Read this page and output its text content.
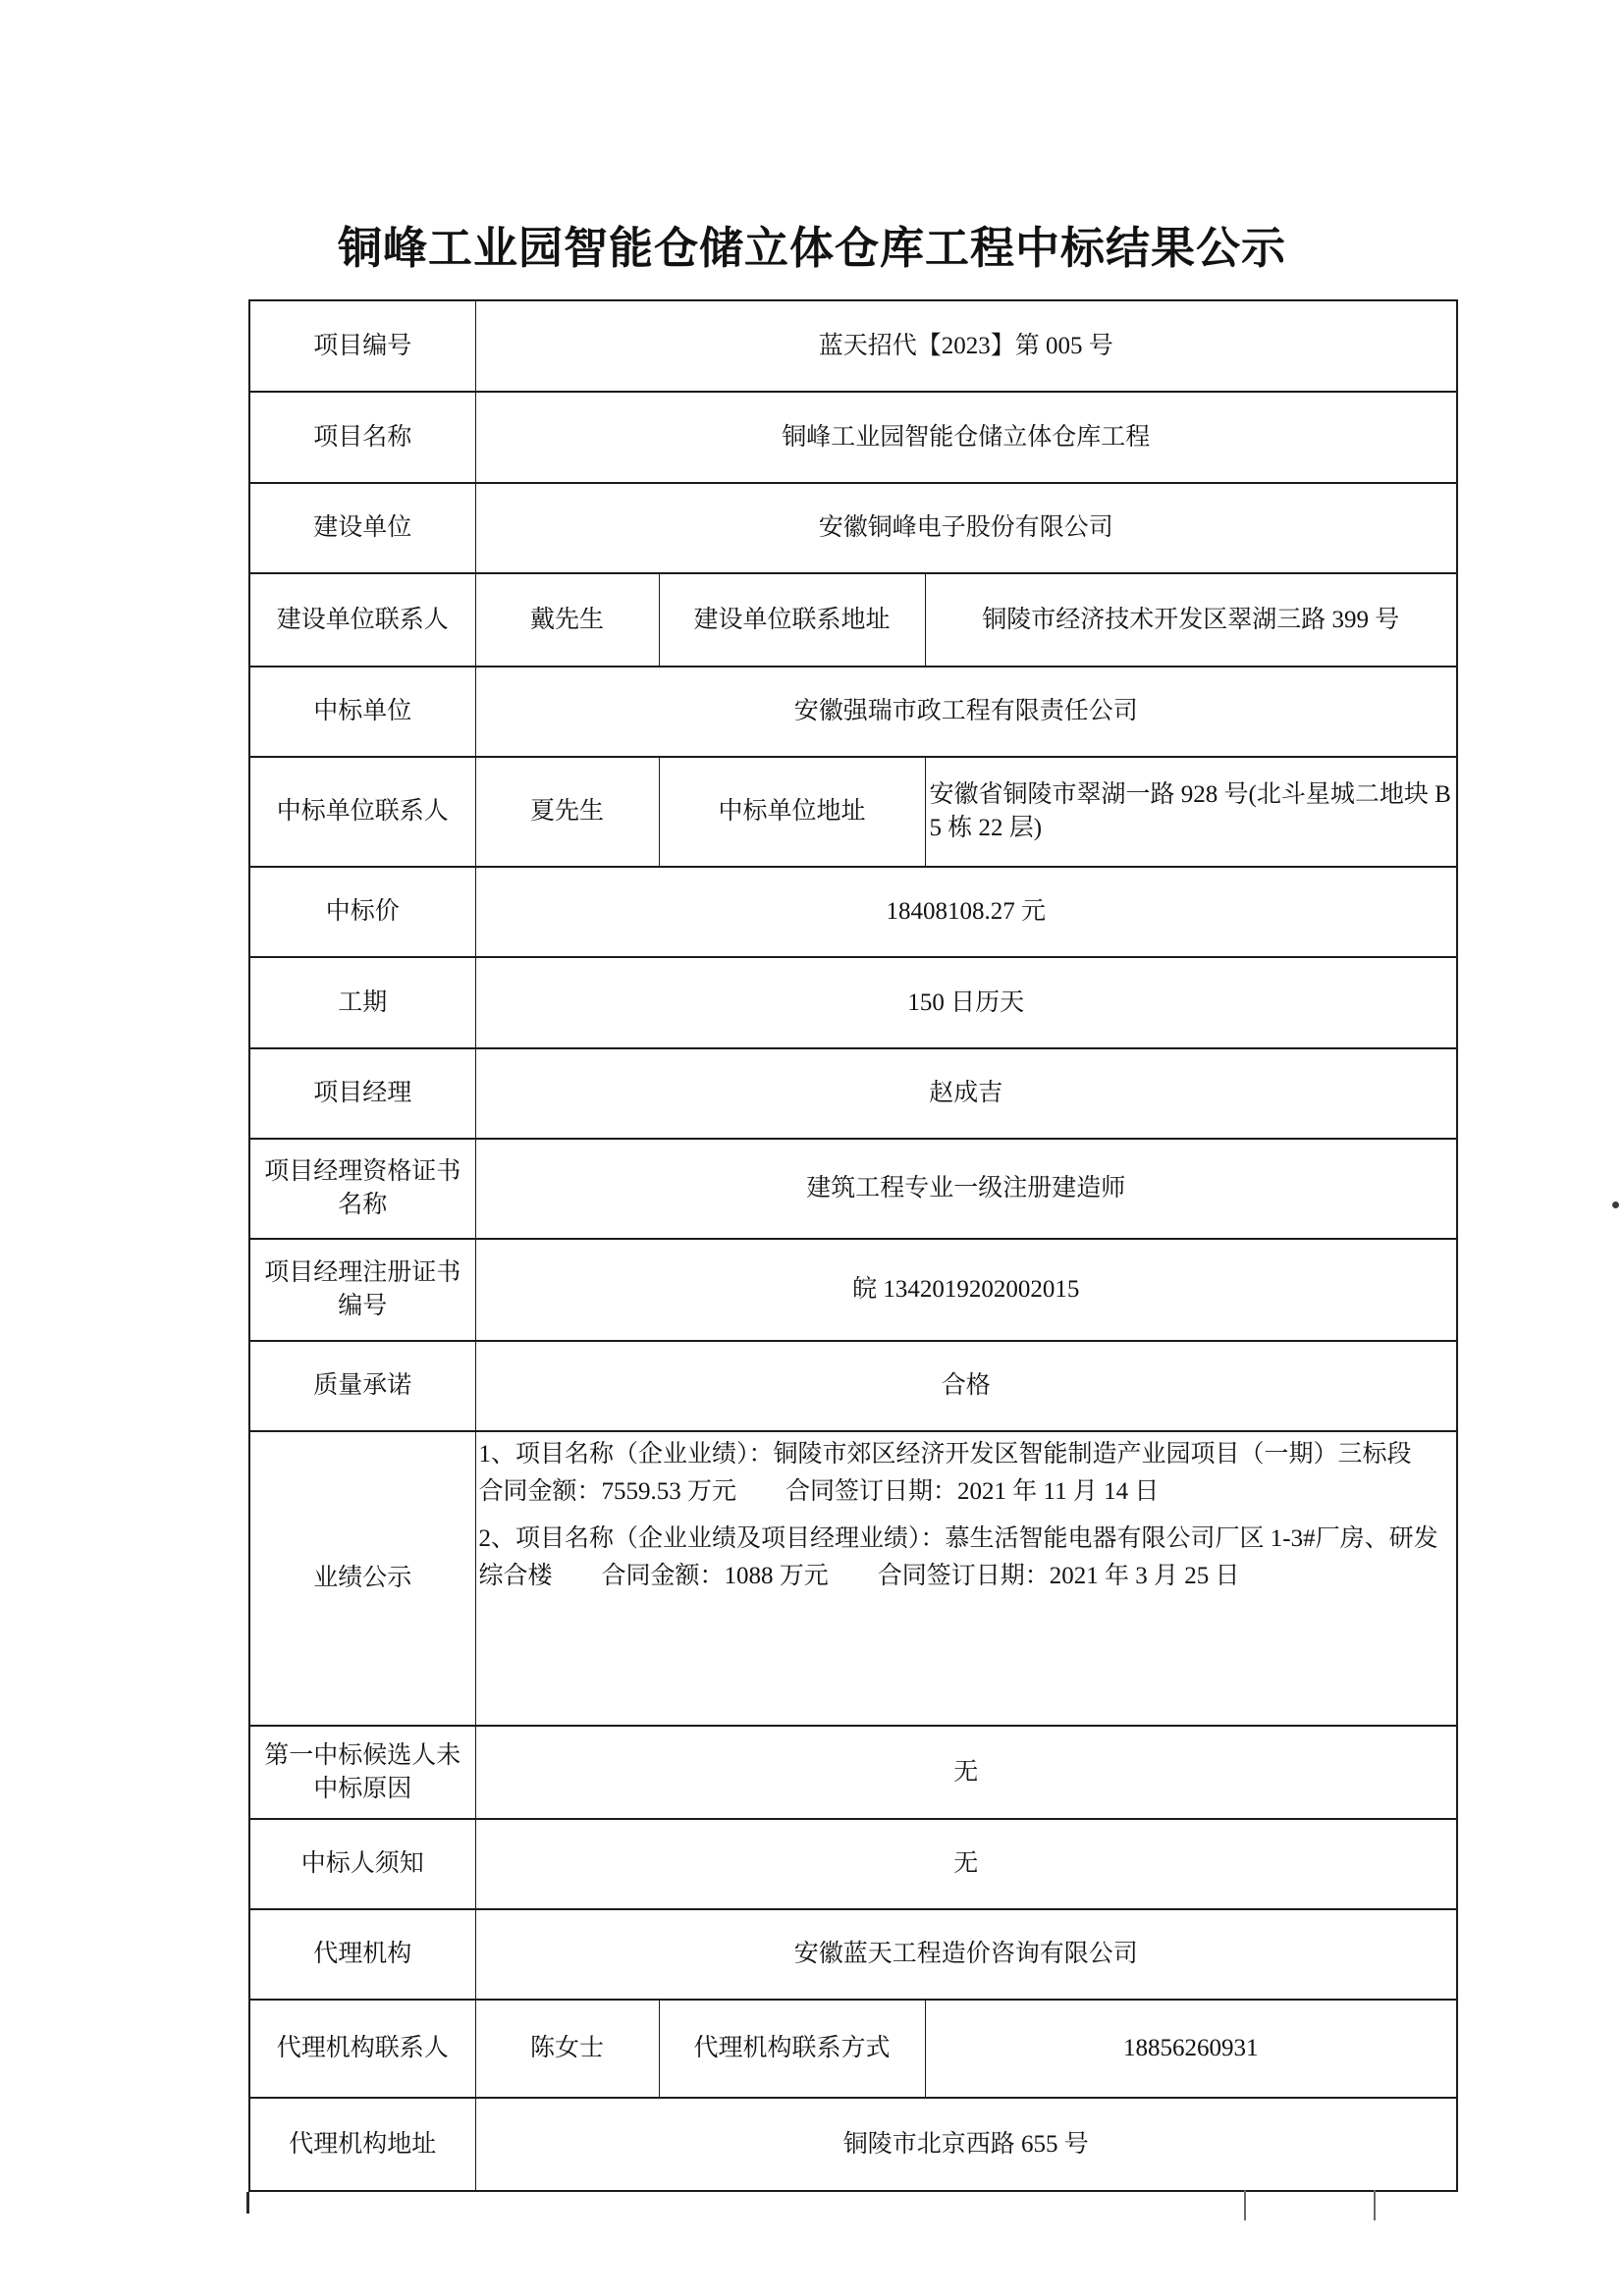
铜峰工业园智能仓储立体仓库工程中标结果公示
项目编号	蓝天招代【2023】第 005 号		
项目名称	铜峰工业园智能仓储立体仓库工程		
建设单位	安徽铜峰电子股份有限公司		
建设单位联系人	戴先生	建设单位联系地址	铜陵市经济技术开发区翠湖三路 399 号
中标单位	安徽强瑞市政工程有限责任公司		
中标单位联系人	夏先生	中标单位地址	安徽省铜陵市翠湖一路 928 号(北斗星城二地块 B5 栋 22 层)
中标价	18408108.27 元		
工期	150 日历天		
项目经理	赵成吉		
项目经理资格证书名称	建筑工程专业一级注册建造师		
项目经理注册证书编号	皖 1342019202002015		
质量承诺	合格		
业绩公示	1、项目名称（企业业绩）：铜陵市郊区经济开发区智能制造产业园项目（一期）三标段　合同金额：7559.53 万元　　合同签订日期：2021 年 11 月 14 日
2、项目名称（企业业绩及项目经理业绩）：慕生活智能电器有限公司厂区 1-3#厂房、研发综合楼　　合同金额：1088 万元　　合同签订日期：2021 年 3 月 25 日		

第一中标候选人未中标原因	无		
中标人须知	无		
代理机构	安徽蓝天工程造价咨询有限公司		
代理机构联系人	陈女士	代理机构联系方式	18856260931
代理机构地址	铜陵市北京西路 655 号		
